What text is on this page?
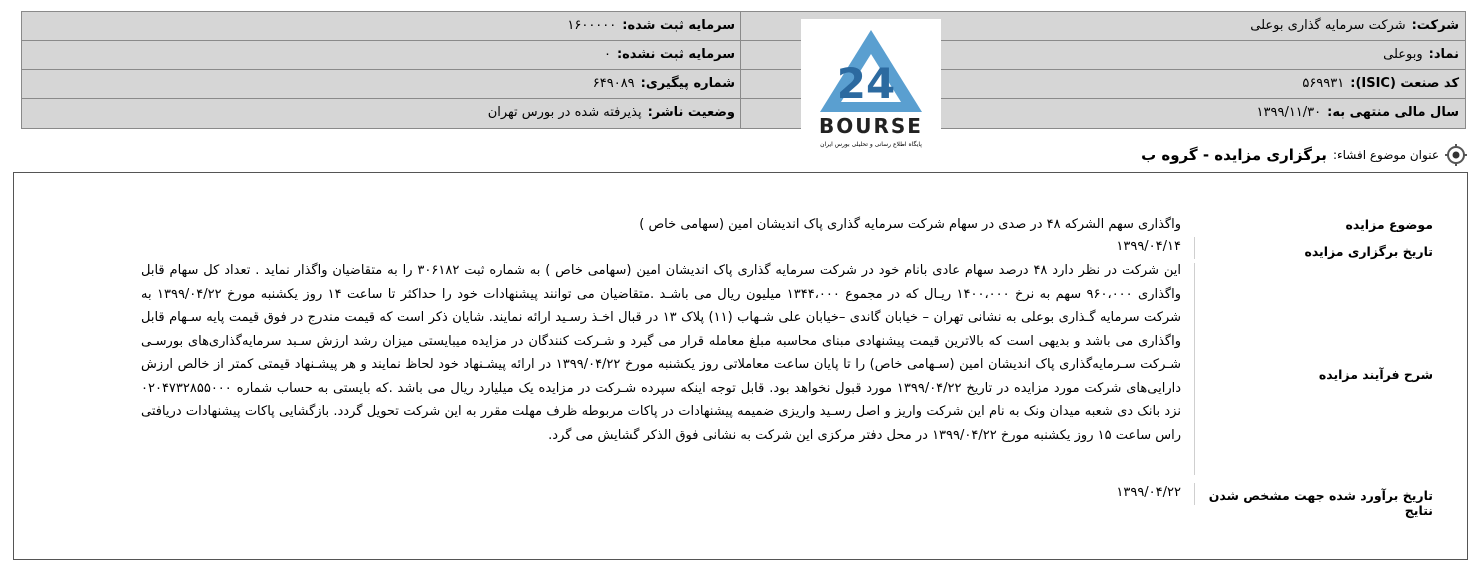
شرکت:شرکت سرمایه گذاری بوعلی
سرمایه ثبت شده:۱۶۰۰۰۰۰
نماد:وبوعلی
سرمایه ثبت نشده:۰
کد صنعت (ISIC):۵۶۹۹۳۱
شماره پیگیری:۶۴۹۰۸۹
سال مالی منتهی به:۱۳۹۹/۱۱/۳۰
وضعیت ناشر:پذیرفته شده در بورس تهران
24
BOURSE
پایگاه اطلاع رسانی و تحلیلی بورس ایران
عنوان موضوع افشاء:
برگزاری مزایده - گروه ب
موضوع مزایده
واگذاری سهم الشرکه ۴۸ در صدی در سهام شرکت سرمایه گذاری پاک اندیشان امین (سهامی خاص )
تاریخ برگزاری مزایده
۱۳۹۹/۰۴/۱۴
شرح فرآیند مزایده
این شرکت در نظر دارد ۴۸ درصد سهام عادی بانام خود در شرکت سرمایه گذاری پاک اندیشان امین (سهامی خاص ) به شماره ثبت ۳۰۶۱۸۲ را به متقاضیان واگذار نماید . تعداد کل سهام قابل واگذاری ۹۶۰،۰۰۰ سهم به نرخ ۱۴۰۰،۰۰۰ ریـال که در مجموع ۱۳۴۴،۰۰۰ میلیون ریال می باشـد .متقاضیان می توانند پیشنهادات خود را حداکثر تا ساعت ۱۴ روز یکشنبه مورخ ۱۳۹۹/۰۴/۲۲ به شرکت سرمایه گـذاری بوعلی به نشانی تهران – خیابان گاندی –خیابان علی شـهاب (۱۱) پلاک ۱۳ در قبال اخـذ رسـید ارائه نمایند. شایان ذکر است که قیمت مندرج در فوق قیمت پایه سـهام قابل واگذاری می باشد و بدیهی است که بالاترین قیمت پیشنهادی مبنای محاسبه مبلغ معامله قرار می گیرد و شـرکت کنندگان در مزایده میبایستی میزان رشد ارزش سـبد سرمایه‌گذاری‌های بورسـی شـرکت سـرمایه‌گذاری پاک اندیشان امین (سـهامی خاص) را تا پایان ساعت معاملاتی روز یکشنبه مورخ ۱۳۹۹/۰۴/۲۲ در ارائه پیشـنهاد خود لحاظ نمایند و هر پیشـنهاد قیمتی کمتر از خالص ارزش دارایی‌های شرکت مورد مزایده در تاریخ ۱۳۹۹/۰۴/۲۲ مورد قبول نخواهد بود. قابل توجه اینکه سپرده شـرکت در مزایده یک میلیارد ریال می باشد .که بایستی به حساب شماره ۰۲۰۴۷۳۲۸۵۵۰۰۰ نزد بانک دی شعبه میدان ونک به نام این شرکت واریز و اصل رسـید واریزی ضمیمه پیشنهادات در پاکات مربوطه ظرف مهلت مقرر به این شرکت تحویل گردد. بازگشایی پاکات پیشنهادات دریافتی راس ساعت ۱۵ روز یکشنبه مورخ ۱۳۹۹/۰۴/۲۲ در محل دفتر مرکزی این شرکت به نشانی فوق الذکر گشایش می گرد.
تاریخ برآورد شده جهت مشخص شدن نتایج
۱۳۹۹/۰۴/۲۲
